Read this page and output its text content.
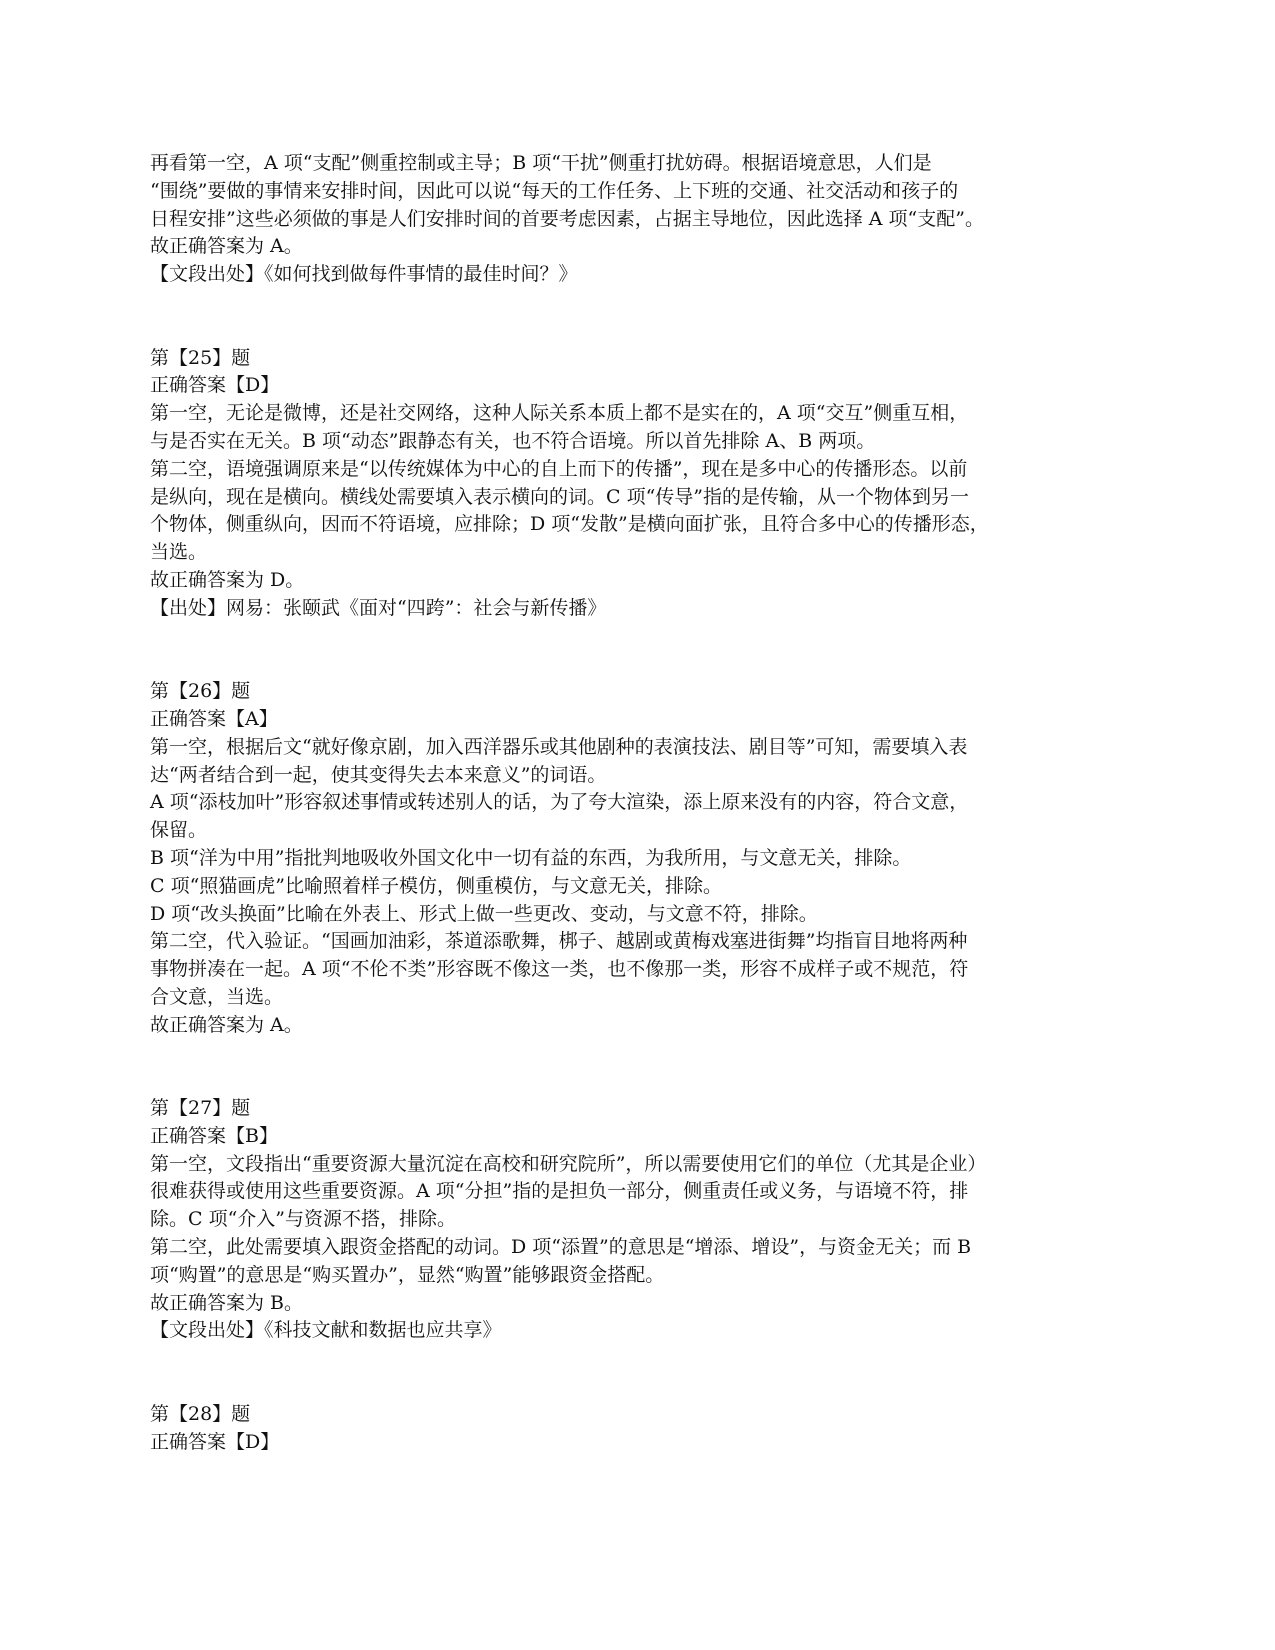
再看第一空，A 项“支配”侧重控制或主导；B 项“干扰”侧重打扰妨碍。根据语境意思，人们是
“围绕”要做的事情来安排时间，因此可以说“每天的工作任务、上下班的交通、社交活动和孩子的
日程安排”这些必须做的事是人们安排时间的首要考虑因素，占据主导地位，因此选择 A 项“支配”。
故正确答案为 A。
【文段出处】《如何找到做每件事情的最佳时间？》
第【25】题
正确答案【D】
第一空，无论是微博，还是社交网络，这种人际关系本质上都不是实在的，A 项“交互”侧重互相，
与是否实在无关。B 项“动态”跟静态有关，也不符合语境。所以首先排除 A、B 两项。
第二空，语境强调原来是“以传统媒体为中心的自上而下的传播”，现在是多中心的传播形态。以前
是纵向，现在是横向。横线处需要填入表示横向的词。C 项“传导”指的是传输，从一个物体到另一
个物体，侧重纵向，因而不符语境，应排除；D 项“发散”是横向面扩张，且符合多中心的传播形态，
当选。
故正确答案为 D。
【出处】网易：张颐武《面对“四跨”：社会与新传播》
第【26】题
正确答案【A】
第一空，根据后文“就好像京剧，加入西洋器乐或其他剧种的表演技法、剧目等”可知，需要填入表
达“两者结合到一起，使其变得失去本来意义”的词语。
A 项“添枝加叶”形容叙述事情或转述别人的话，为了夸大渲染，添上原来没有的内容，符合文意，
保留。
B 项“洋为中用”指批判地吸收外国文化中一切有益的东西，为我所用，与文意无关，排除。
C 项“照猫画虎”比喻照着样子模仿，侧重模仿，与文意无关，排除。
D 项“改头换面”比喻在外表上、形式上做一些更改、变动，与文意不符，排除。
第二空，代入验证。“国画加油彩，茶道添歌舞，梆子、越剧或黄梅戏塞进街舞”均指盲目地将两种
事物拼凑在一起。A 项“不伦不类”形容既不像这一类，也不像那一类，形容不成样子或不规范，符
合文意，当选。
故正确答案为 A。
第【27】题
正确答案【B】
第一空，文段指出“重要资源大量沉淀在高校和研究院所”，所以需要使用它们的单位（尤其是企业）
很难获得或使用这些重要资源。A 项“分担”指的是担负一部分，侧重责任或义务，与语境不符，排
除。C 项“介入”与资源不搭，排除。
第二空，此处需要填入跟资金搭配的动词。D 项“添置”的意思是“增添、增设”，与资金无关；而 B
项“购置”的意思是“购买置办”，显然“购置”能够跟资金搭配。
故正确答案为 B。
【文段出处】《科技文献和数据也应共享》
第【28】题
正确答案【D】
